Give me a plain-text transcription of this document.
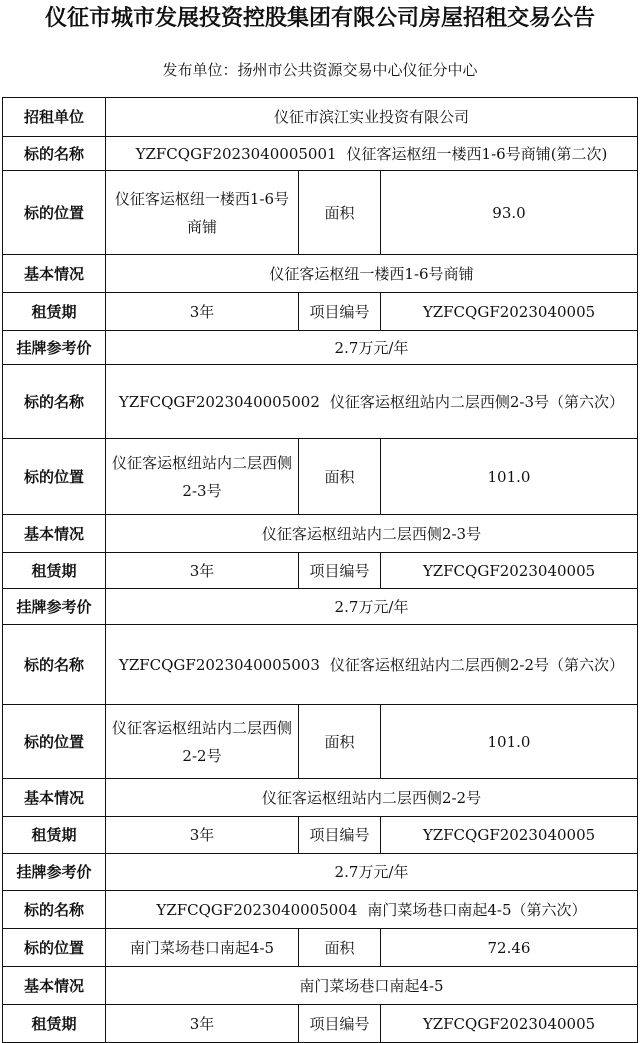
仪征市城市发展投资控股集团有限公司房屋招租交易公告
发布单位：扬州市公共资源交易中心仪征分中心
招租单位	仪征市滨江实业投资有限公司		
标的名称	YZFCQGF2023040005001 仪征客运枢纽一楼西1-6号商铺(第二次)		
标的位置	仪征客运枢纽一楼西1-6号商铺	面积	93.0
基本情况	仪征客运枢纽一楼西1-6号商铺		
租赁期	3年	项目编号	YZFCQGF2023040005
挂牌参考价	2.7万元/年		
标的名称	YZFCQGF2023040005002 仪征客运枢纽站内二层西侧2-3号（第六次）		
标的位置	仪征客运枢纽站内二层西侧2-3号	面积	101.0
基本情况	仪征客运枢纽站内二层西侧2-3号		
租赁期	3年	项目编号	YZFCQGF2023040005
挂牌参考价	2.7万元/年		
标的名称	YZFCQGF2023040005003 仪征客运枢纽站内二层西侧2-2号（第六次）		
标的位置	仪征客运枢纽站内二层西侧2-2号	面积	101.0
基本情况	仪征客运枢纽站内二层西侧2-2号		
租赁期	3年	项目编号	YZFCQGF2023040005
挂牌参考价	2.7万元/年		
标的名称	YZFCQGF2023040005004 南门菜场巷口南起4-5（第六次）		
标的位置	南门菜场巷口南起4-5	面积	72.46
基本情况	南门菜场巷口南起4-5		
租赁期	3年	项目编号	YZFCQGF2023040005
